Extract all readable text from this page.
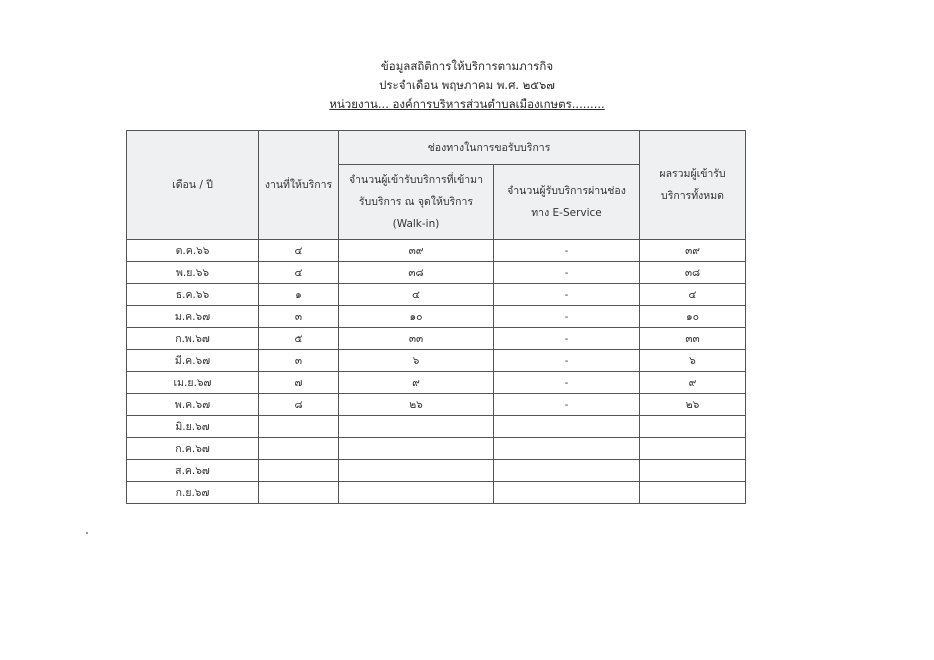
ข้อมูลสถิติการให้บริการตามภารกิจ
ประจำเดือน พฤษภาคม พ.ศ. ๒๕๖๗
หน่วยงาน... องค์การบริหารส่วนตำบลเมืองเกษตร.........
เดือน / ปี	งานที่ให้บริการ	ช่องทางในการขอรับบริการ		ผลรวมผู้เข้ารับบริการทั้งหมด
		จำนวนผู้เข้ารับบริการที่เข้ามารับบริการ ณ จุดให้บริการ (Walk-in)	จำนวนผู้รับบริการผ่านช่องทาง E-Service	
ต.ค.๖๖	๔	๓๙	-	๓๙
พ.ย.๖๖	๔	๓๘	-	๓๘
ธ.ค.๖๖	๑	๔	-	๔
ม.ค.๖๗	๓	๑๐	-	๑๐
ก.พ.๖๗	๕	๓๓	-	๓๓
มี.ค.๖๗	๓	๖	-	๖
เม.ย.๖๗	๗	๙	-	๙
พ.ค.๖๗	๘	๒๖	-	๒๖
มิ.ย.๖๗				
ก.ค.๖๗				
ส.ค.๖๗				
ก.ย.๖๗				
